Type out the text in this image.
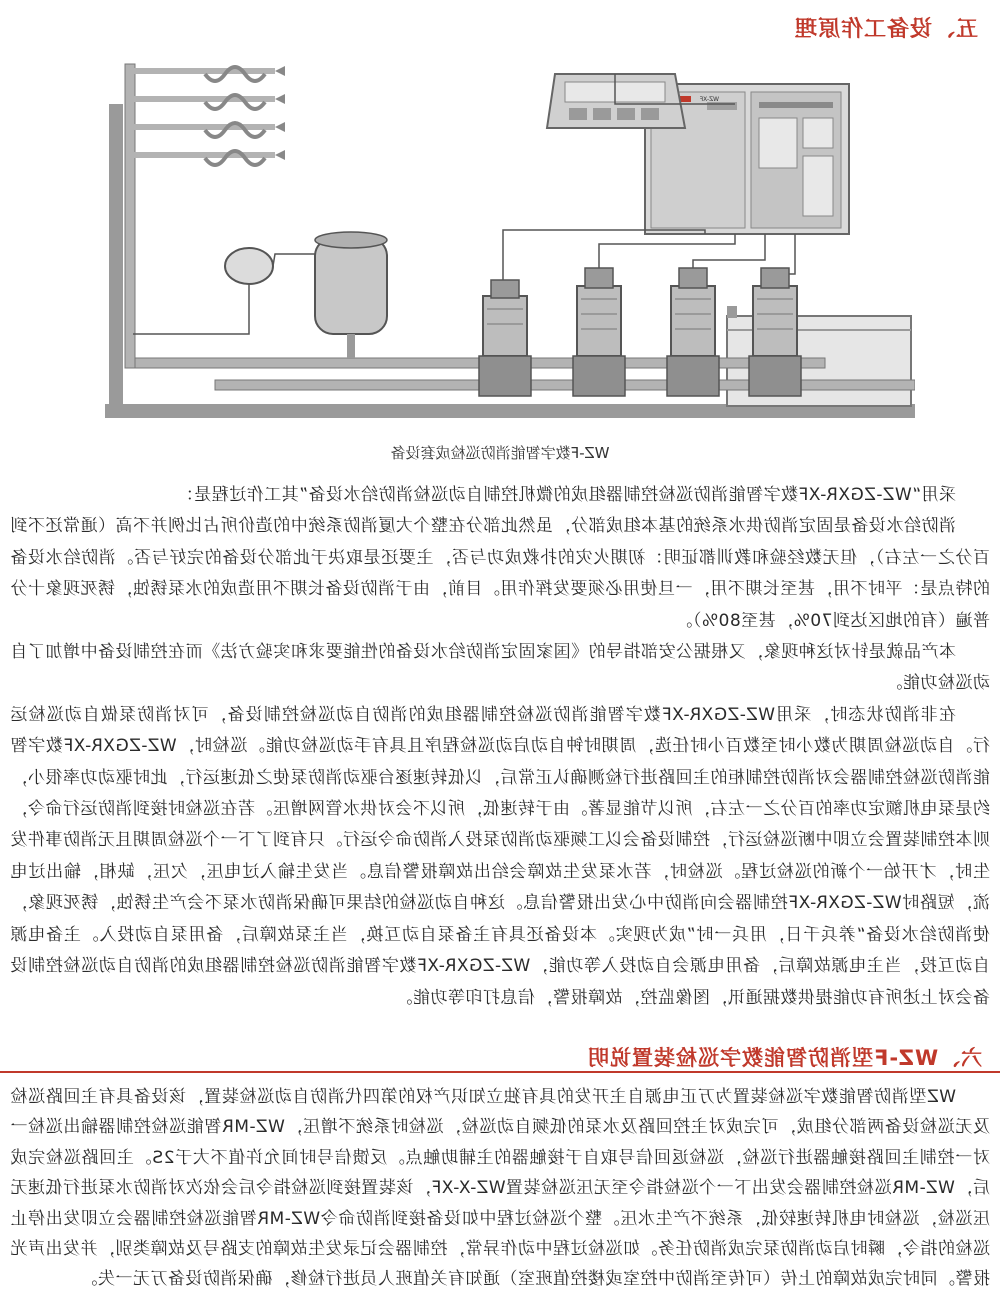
五、设备工作原理
WZ-XF
WZ-F数字智能消防巡检成套设备

采用“WZ-ZGXR-XF数字智能消防巡检控制器组成的微机控制自动巡检消防给水设备”其工作过程是：

消防给水设备是固定消防供水系统的基本组成部分，虽然此部分在整个大厦消防系统中的造价所占比例并不高（通常还不到百分之一左右），但无数经验和教训都证明：初期火灾的扑救成功与否，主要还是取决于此部分设备的完好与否。消防给水设备的特点是：平时不用，甚至长期不用，一旦使用必须要发挥作用。目前，由于消防设备长期不用造成的水泵锈蚀，锈死现象十分普遍（有的地区达到70%，甚至80%）。

本产品就是针对这种现象，又根据公安部指导的《国家固定消防给水设备的性能要求和实验方法》而在控制设备中增加了自动巡检功能。

在非消防状态时，采用WZ-ZGXR-XF数字智能消防巡检控制器组成的消防自动巡检控制设备，可对消防泵做自动巡检运行。自动巡检周期为数小时至数百小时任选，周期时钟自动启动巡检程序且具有手动巡检功能。巡检时，WZ-ZGXR-XF数字智能消防巡检控制器会对消防控制柜的主回路进行检测确认正常后，以低转速逐台驱动消防泵使之低速运行，此时驱动功率很小，约是泵电机额定功率的百分之一左右，所以节能显著。由于转速低，所以不会对供水管网增压。若在巡检时接到消防运行命令，则本控制装置会立即中断巡检运行，控制设备会以工频驱动消防泵投入消防命令运行。只有到了下一个巡检周期且无消防事件发生时，才开始一个新的巡检过程。巡检时，若水泵发生故障会给出故障报警信息。当发生输入过电压，欠压，缺相，输出过电流，短路时WZ-ZGXR-XF控制器会向消防中心发出报警信息。这种自动巡检的结果可确保消防水泵不会产生锈蚀，锈死现象，使消防给水设备“养兵千日，用兵一时”成为现实。本设备还具有主备泵自动互换，当主泵故障后，备用泵自动投入。主备电源自动互投，当主电源故障后，备用电源会自动投入等功能，WZ-ZGXR-XF数字智能消防巡检控制器组成的消防自动巡检控制设备会对上述所有功能提供数据通讯，图像监控，故障报警，信息打印等功能。

六、WZ-F型消防智能数字巡检装置说明

WZ型消防智能数字巡检装置为万正电源自主开发的具有独立知识产权的第四代消防自动巡检装置，该设备具有主回路巡检及无巡检设备两部分组成，可完成对主控回路及水泵的低频自动巡检，巡检时系统不增压，WZ-MR智能巡检控制器输出巡检一对一控制主回路接触器进行巡检，巡检返回信号取自于接触器的主辅助触点。反馈信号时间允许值不大于2S。主回路巡检完成后，WZ-MR巡检控制器会发出下一个巡检指令至无压巡检装置WZ-X-XF，该装置接到巡检指令后会依次对消防水泵进行低速无压巡检，巡检时电机转速较低，系统不产生水压。整个巡检过程中如设备接到消防命令WZ-MR智能巡检控制器会立即发出停止巡检的指令，瞬时启动消防泵完成消防任务。如巡检过程中动作异常，控制器会记录发生故障的支路号及故障类别，并发出声光报警。同时完成故障的上传（可传至消防中控室或楼控值班室）通知有关值班人员进行检修，确保消防设备万无一失。
